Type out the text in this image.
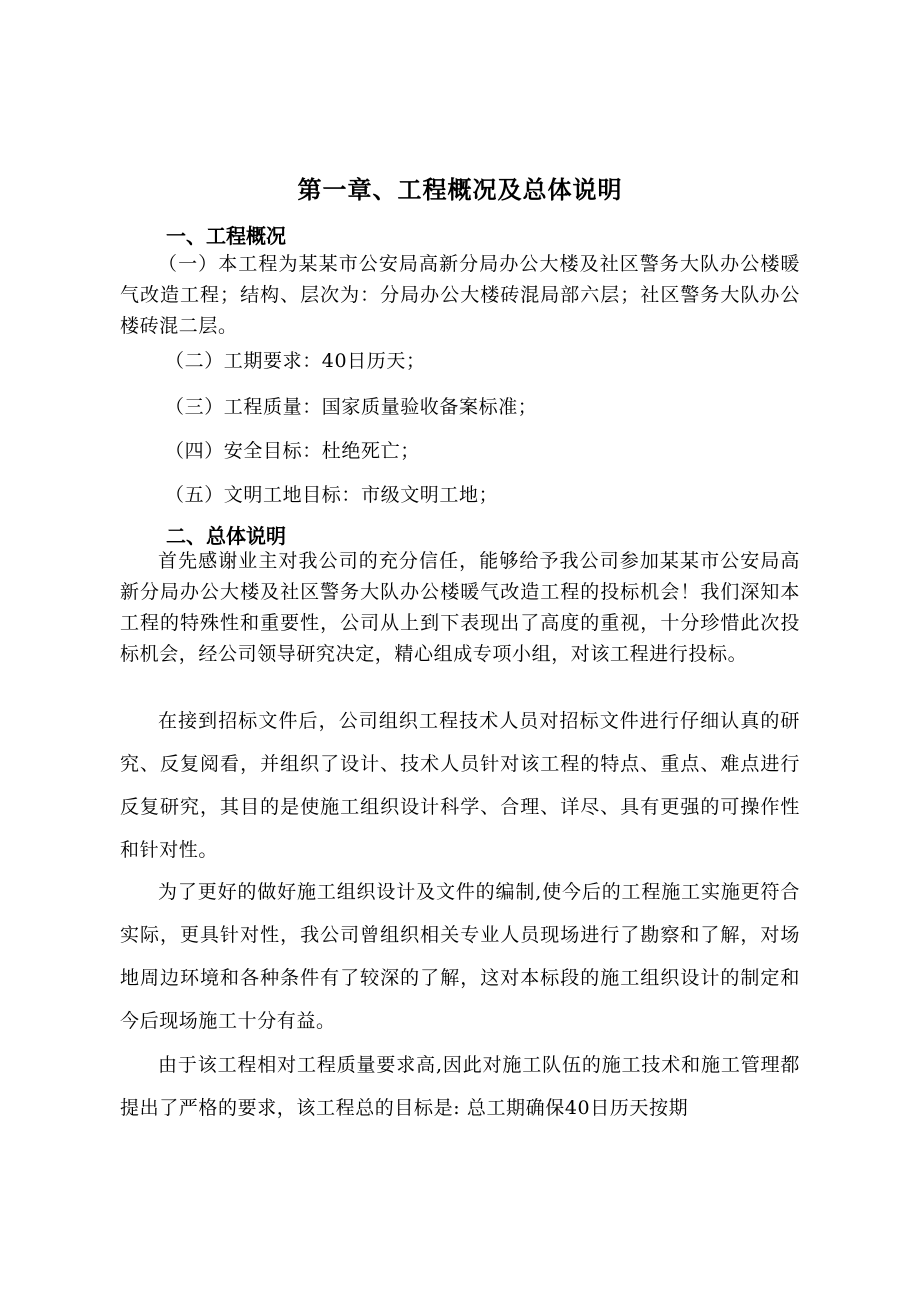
第一章、工程概况及总体说明
一、工程概况
（一）本工程为某某市公安局高新分局办公大楼及社区警务大队办公楼暖气改造工程；结构、层次为：分局办公大楼砖混局部六层；社区警务大队办公楼砖混二层。
（二）工期要求：40日历天；
（三）工程质量：国家质量验收备案标准；
（四）安全目标：杜绝死亡；
（五）文明工地目标：市级文明工地；
二、总体说明
首先感谢业主对我公司的充分信任，能够给予我公司参加某某市公安局高新分局办公大楼及社区警务大队办公楼暖气改造工程的投标机会！我们深知本工程的特殊性和重要性，公司从上到下表现出了高度的重视，十分珍惜此次投标机会，经公司领导研究决定，精心组成专项小组，对该工程进行投标。
在接到招标文件后，公司组织工程技术人员对招标文件进行仔细认真的研究、反复阅看，并组织了设计、技术人员针对该工程的特点、重点、难点进行反复研究，其目的是使施工组织设计科学、合理、详尽、具有更强的可操作性和针对性。
为了更好的做好施工组织设计及文件的编制,使今后的工程施工实施更符合实际，更具针对性，我公司曾组织相关专业人员现场进行了勘察和了解，对场地周边环境和各种条件有了较深的了解，这对本标段的施工组织设计的制定和今后现场施工十分有益。
由于该工程相对工程质量要求高,因此对施工队伍的施工技术和施工管理都提出了严格的要求，该工程总的目标是: 总工期确保40日历天按期
